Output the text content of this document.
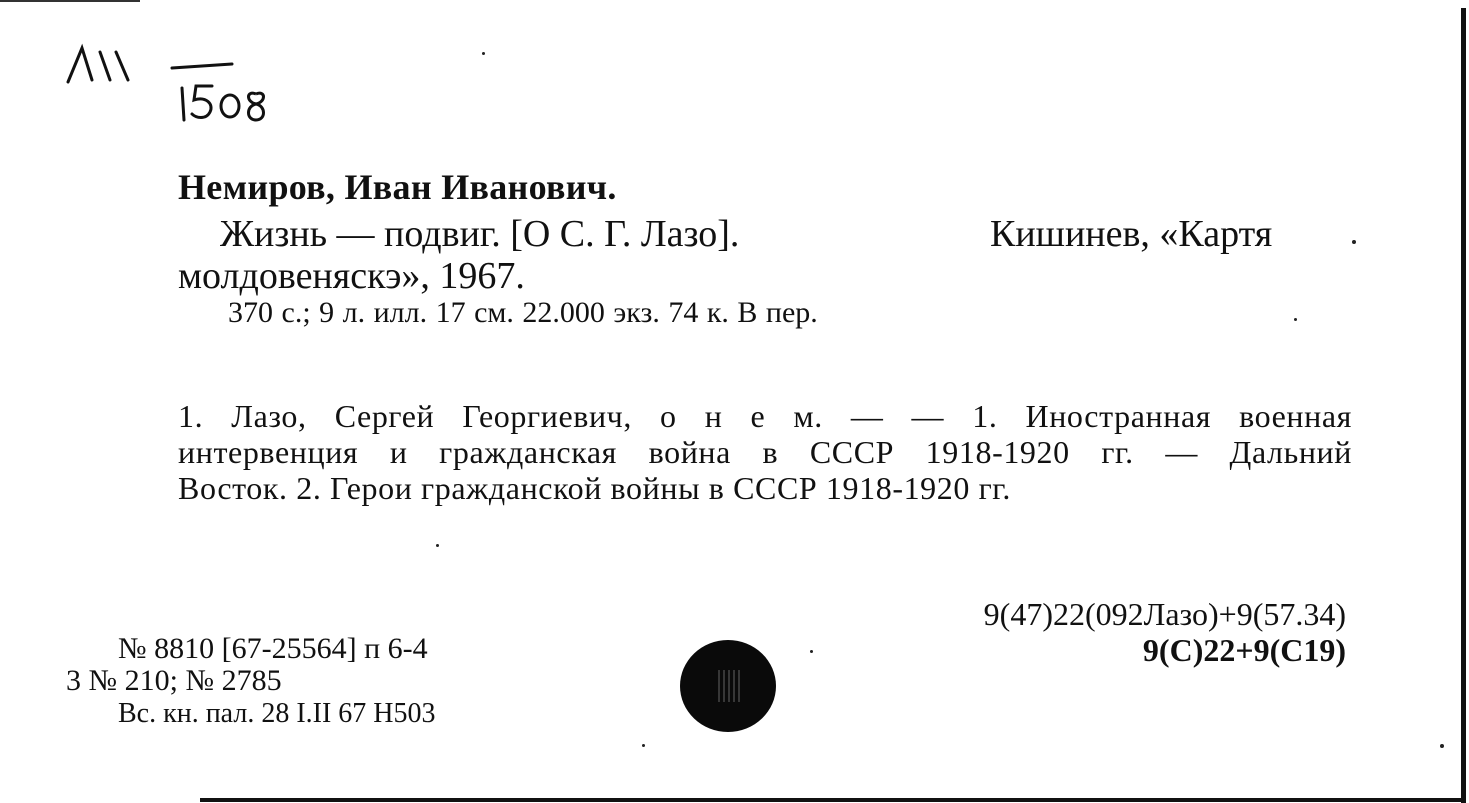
Немиров, Иван Иванович.
Жизнь — подвиг. [О С. Г. Лазо].	Кишинев, «Картя
молдовеняскэ», 1967.
370 с.; 9 л. илл. 17 см. 22.000 экз. 74 к. В пер.
1. Лазо, Сергей Георгиевич, о н е м. — — 1. Иностранная военная
интервенция и гражданская война в СССР 1918-1920 гг. — Дальний
Восток. 2. Герои гражданской войны в СССР 1918-1920 гг.
9(47)22(092Лазо)+9(57.34)
9(С)22+9(С19)
№ 8810 [67-25564] п 6-4
3 № 210; № 2785
Вс. кн. пал. 28 I.II 67 Н503
